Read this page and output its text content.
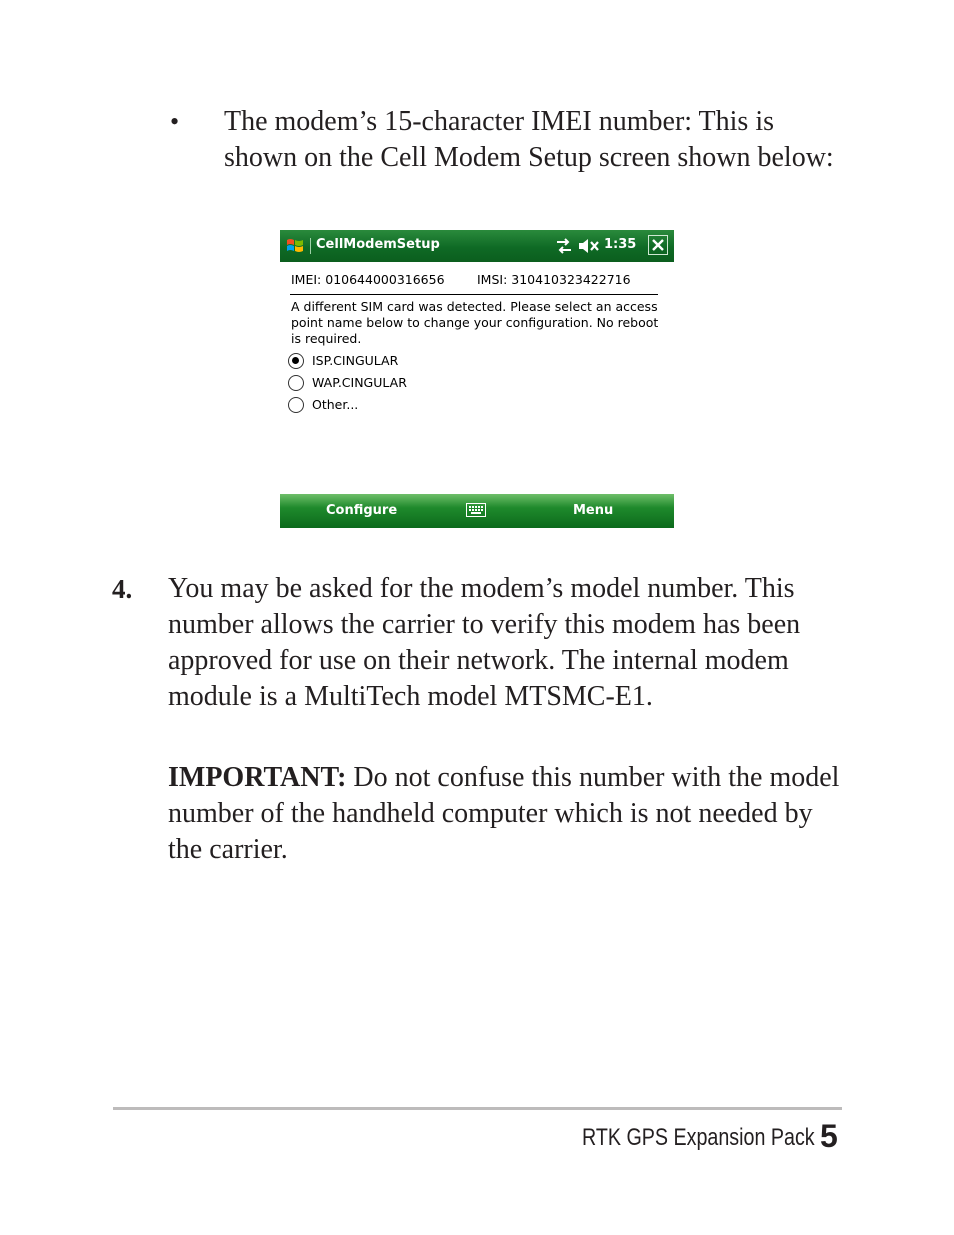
• The modem’s 15-character IMEI number: This is shown on the Cell Modem Setup screen shown below:
CellModemSetup	1:35
IMEI: 010644000316656	IMSI: 310410323422716
A different SIM card was detected. Please select an access point name below to change your configuration. No reboot is required.
ISP.CINGULAR
WAP.CINGULAR
Other...
Configure	Menu
4. You may be asked for the modem’s model number. This number allows the carrier to verify this modem has been approved for use on their network. The internal modem module is a MultiTech model MTSMC-E1.
IMPORTANT: Do not confuse this number with the model number of the handheld computer which is not needed by the carrier.
RTK GPS Expansion Pack 5
